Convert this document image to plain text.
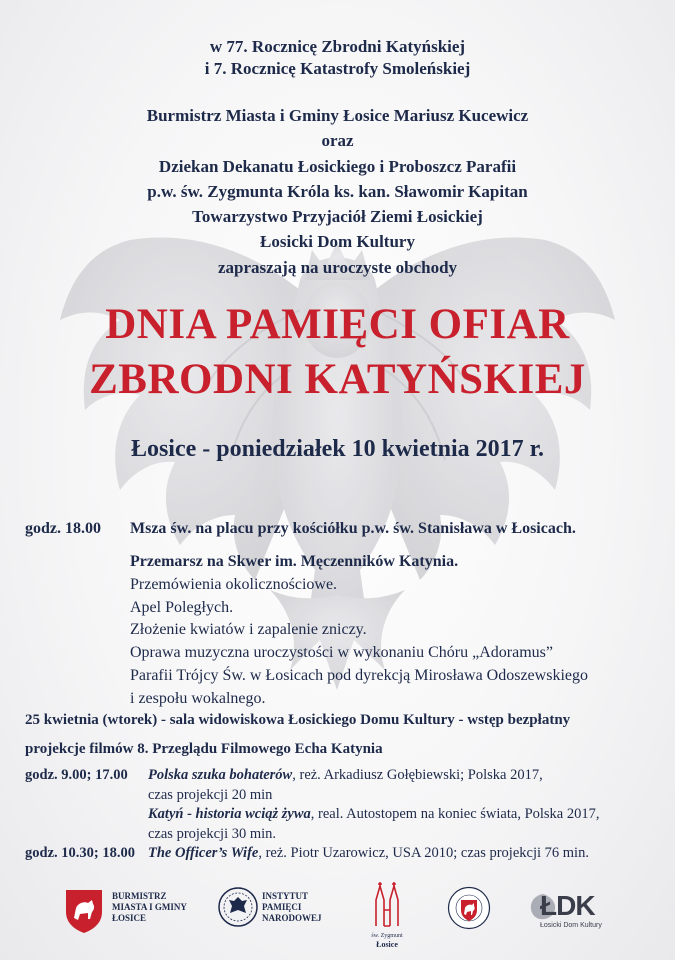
w 77. Rocznicę Zbrodni Katyńskiej
i 7. Rocznicę Katastrofy Smoleńskiej
Burmistrz Miasta i Gminy Łosice Mariusz Kucewicz
oraz
Dziekan Dekanatu Łosickiego i Proboszcz Parafii
p.w. św. Zygmunta Króla ks. kan. Sławomir Kapitan
Towarzystwo Przyjaciół Ziemi Łosickiej
Łosicki Dom Kultury
zapraszają na uroczyste obchody
DNIA PAMIĘCI OFIAR
ZBRODNI KATYŃSKIEJ
Łosice - poniedziałek 10 kwietnia 2017 r.
godz. 18.00 Msza św. na placu przy kościółku p.w. św. Stanisława w Łosicach.
Przemarsz na Skwer im. Męczenników Katynia.
Przemówienia okolicznościowe.
Apel Poległych.
Złożenie kwiatów i zapalenie zniczy.
Oprawa muzyczna uroczystości w wykonaniu Chóru „Adoramus”
Parafii Trójcy Św. w Łosicach pod dyrekcją Mirosława Odoszewskiego
i zespołu wokalnego.
25 kwietnia (wtorek) - sala widowiskowa Łosickiego Domu Kultury - wstęp bezpłatny
projekcje filmów 8. Przeglądu Filmowego Echa Katynia
godz. 9.00; 17.00 Polska szuka bohaterów, reż. Arkadiusz Gołębiewski; Polska 2017,
czas projekcji 20 min
Katyń - historia wciąż żywa, real. Autostopem na koniec świata, Polska 2017,
czas projekcji 30 min.
godz. 10.30; 18.00 The Officer’s Wife, reż. Piotr Uzarowicz, USA 2010; czas projekcji 76 min.
BURMISTRZ
MIASTA I GMINY
ŁOSICE
INSTYTUT
PAMIĘCI
NARODOWEJ
św. Zygmunt
Łosice
ŁDK
Łosicki Dom Kultury
